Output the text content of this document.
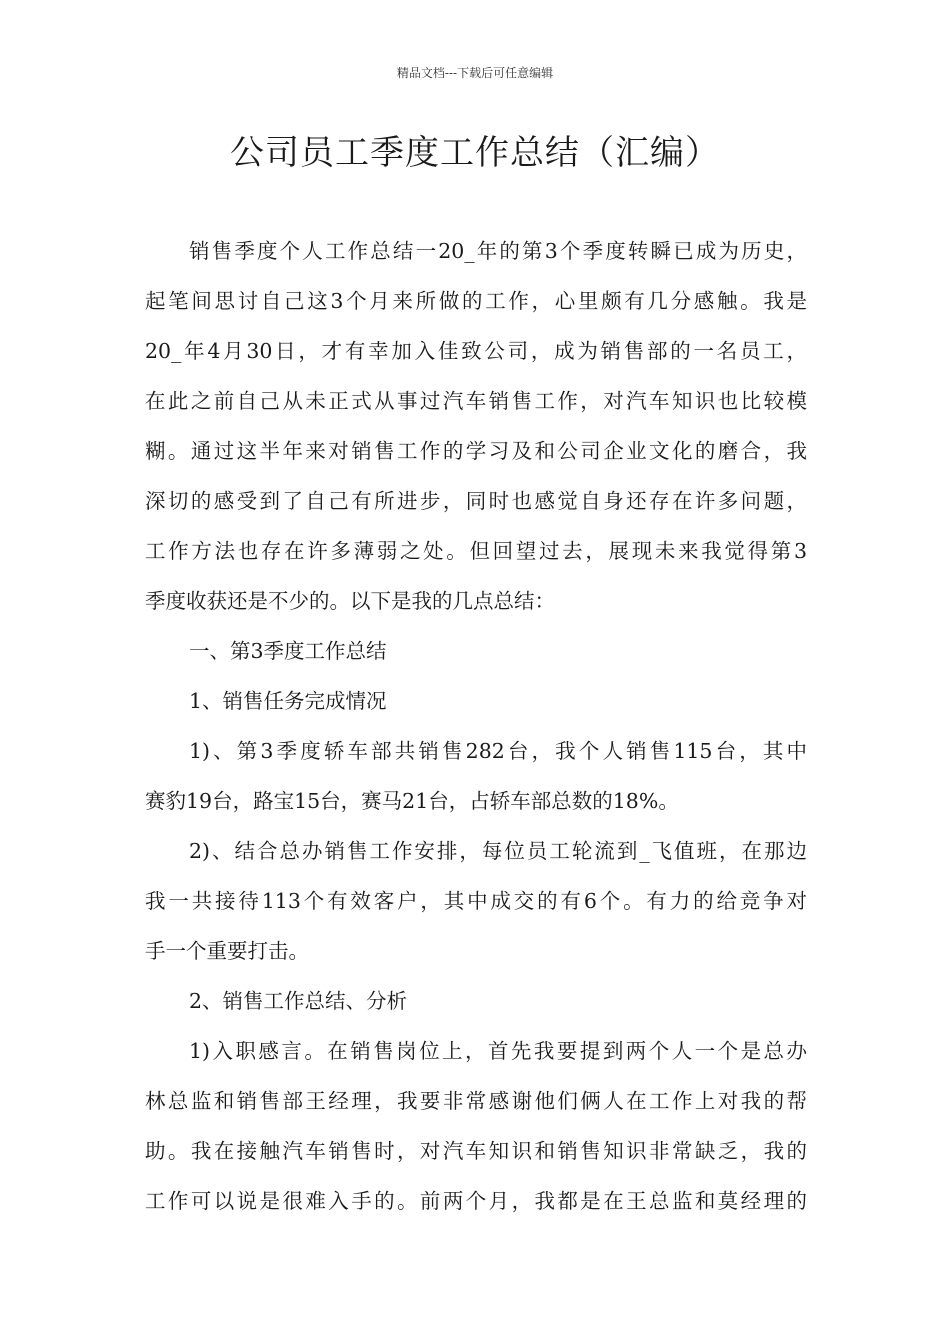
精品文档---下载后可任意编辑
公司员工季度工作总结（汇编）
销售季度个人工作总结一20_年的第3个季度转瞬已成为历史，
起笔间思讨自己这3个月来所做的工作，心里颇有几分感触。我是
20_年4月30日，才有幸加入佳致公司，成为销售部的一名员工，
在此之前自己从未正式从事过汽车销售工作，对汽车知识也比较模
糊。通过这半年来对销售工作的学习及和公司企业文化的磨合，我
深切的感受到了自己有所进步，同时也感觉自身还存在许多问题，
工作方法也存在许多薄弱之处。但回望过去，展现未来我觉得第3
季度收获还是不少的。以下是我的几点总结：
一、第3季度工作总结
1、销售任务完成情况
1)、第3季度轿车部共销售282台，我个人销售115台，其中
赛豹19台，路宝15台，赛马21台，占轿车部总数的18%。
2)、结合总办销售工作安排，每位员工轮流到_飞值班，在那边
我一共接待113个有效客户，其中成交的有6个。有力的给竞争对
手一个重要打击。
2、销售工作总结、分析
1)入职感言。在销售岗位上，首先我要提到两个人一个是总办
林总监和销售部王经理，我要非常感谢他们俩人在工作上对我的帮
助。我在接触汽车销售时，对汽车知识和销售知识非常缺乏，我的
工作可以说是很难入手的。前两个月，我都是在王总监和莫经理的
